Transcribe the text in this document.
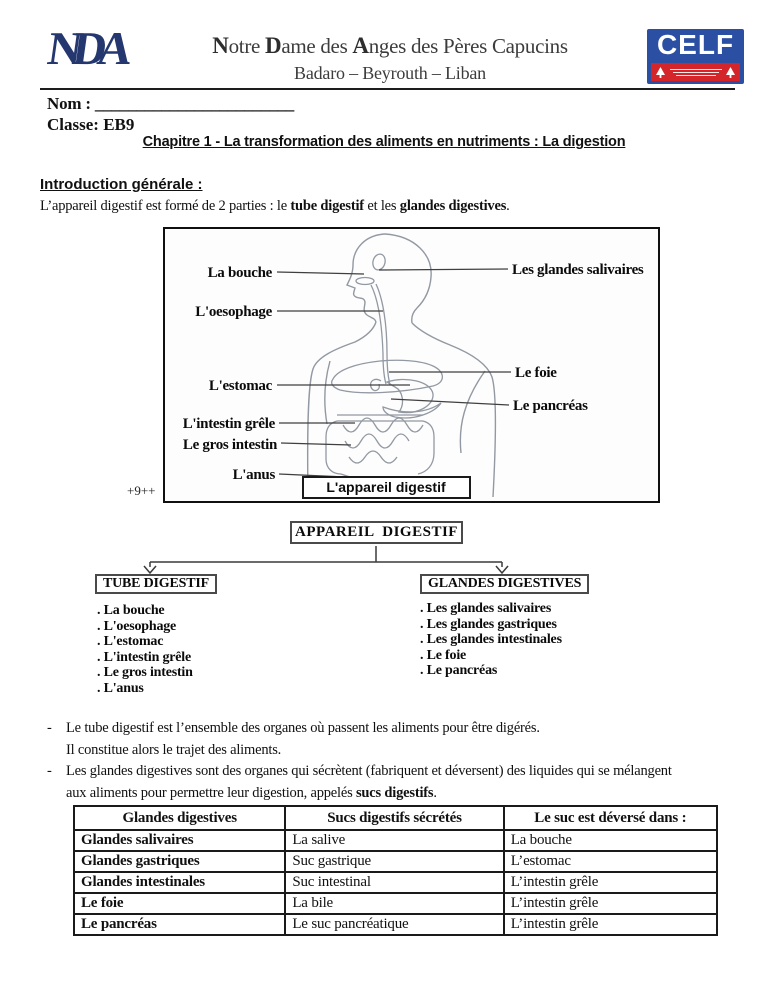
NDA	Notre Dame des Anges des Pères Capucins
Badaro – Beyrouth – Liban
CELF
Nom : ________________________
Classe: EB9
Chapitre 1 - La transformation des aliments en nutriments : La digestion
Introduction générale :
L’appareil digestif est formé de 2 parties : le tube digestif et les glandes digestives.
La bouche
L'oesophage
L'estomac
L'intestin grêle
Le gros intestin
L'anus
Les glandes salivaires
Le foie
Le pancréas
L'appareil digestif
+9++
APPAREIL  DIGESTIF
TUBE DIGESTIF	GLANDES DIGESTIVES
. La bouche
. L'oesophage
. L'estomac
. L'intestin grêle
. Le gros intestin
. L'anus
. Les glandes salivaires
. Les glandes gastriques
. Les glandes intestinales
. Le foie
. Le pancréas
- Le tube digestif est l’ensemble des organes où passent les aliments pour être digérés.
Il constitue alors le trajet des aliments.
- Les glandes digestives sont des organes qui sécrètent (fabriquent et déversent) des liquides qui se mélangent
aux aliments pour permettre leur digestion, appelés sucs digestifs.
Glandes digestives	Sucs digestifs sécrétés	Le suc est déversé dans :
Glandes salivaires	La salive	La bouche
Glandes gastriques	Suc gastrique	L’estomac
Glandes intestinales	Suc intestinal	L’intestin grêle
Le foie	La bile	L’intestin grêle
Le pancréas	Le suc pancréatique	L’intestin grêle
